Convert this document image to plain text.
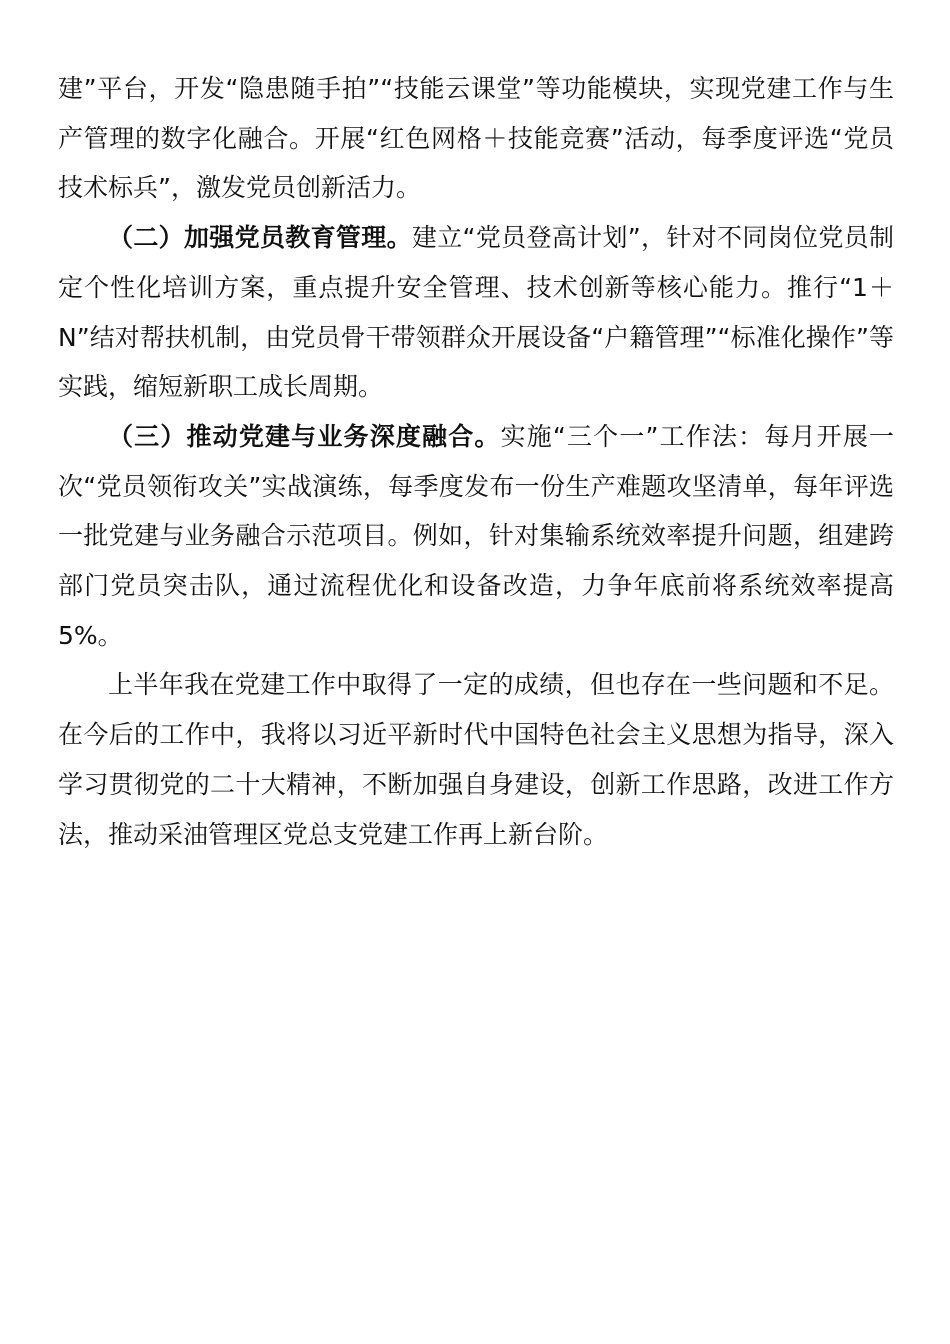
建”平台，开发“隐患随手拍”“技能云课堂”等功能模块，实现党建工作与生产管理的数字化融合。开展“红色网格＋技能竞赛”活动，每季度评选“党员技术标兵”，激发党员创新活力。

（二）加强党员教育管理。建立“党员登高计划”，针对不同岗位党员制定个性化培训方案，重点提升安全管理、技术创新等核心能力。推行“1＋N”结对帮扶机制，由党员骨干带领群众开展设备“户籍管理”“标准化操作”等实践，缩短新职工成长周期。

（三）推动党建与业务深度融合。实施“三个一”工作法：每月开展一次“党员领衔攻关”实战演练，每季度发布一份生产难题攻坚清单，每年评选一批党建与业务融合示范项目。例如，针对集输系统效率提升问题，组建跨部门党员突击队，通过流程优化和设备改造，力争年底前将系统效率提高5%。

上半年我在党建工作中取得了一定的成绩，但也存在一些问题和不足。在今后的工作中，我将以习近平新时代中国特色社会主义思想为指导，深入学习贯彻党的二十大精神，不断加强自身建设，创新工作思路，改进工作方法，推动采油管理区党总支党建工作再上新台阶。
